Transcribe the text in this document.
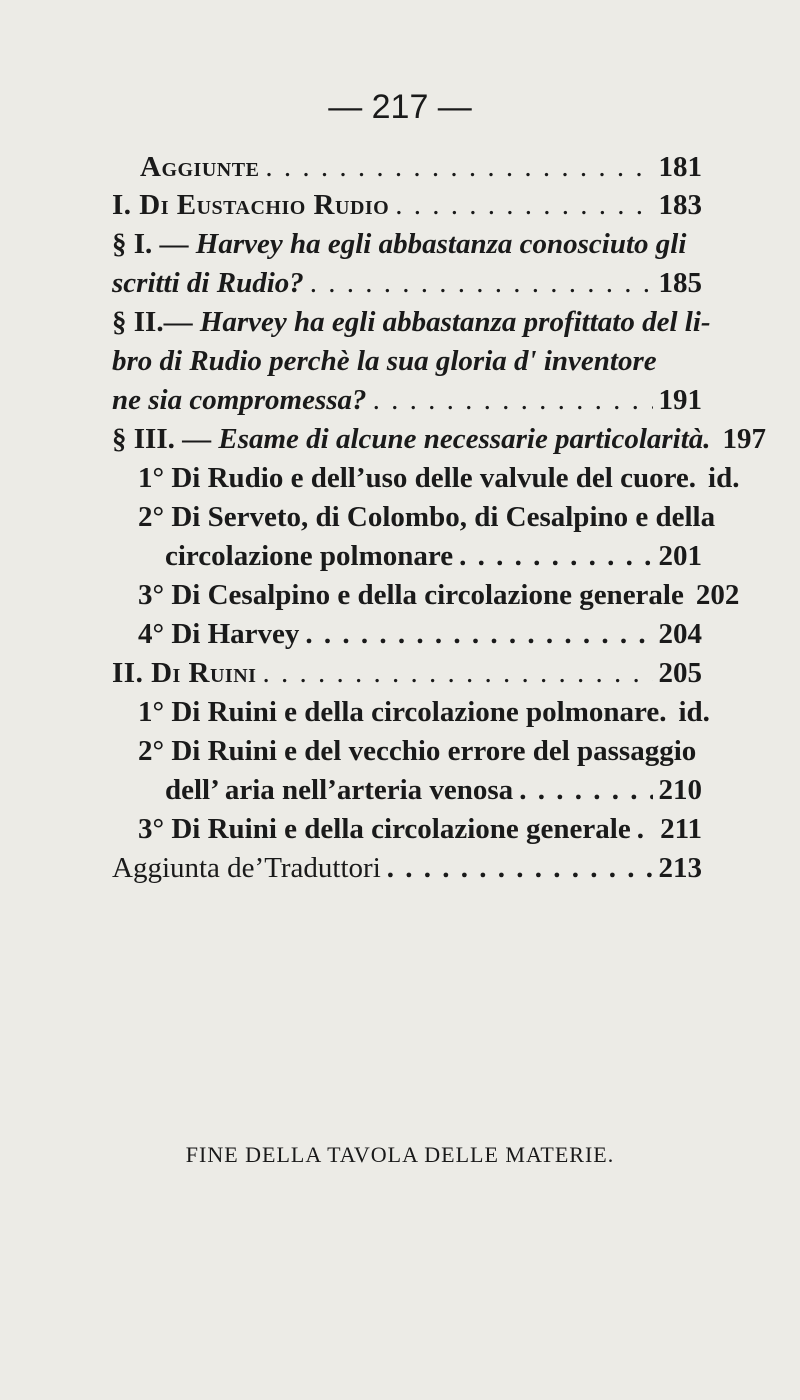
— 217 —
Aggiunte . . .	181
I. Di Eustachio Rudio . . .	183
§ I. — Harvey ha egli abbastanza conosciuto gli
scritti di Rudio? . . .	185
§ II.— Harvey ha egli abbastanza profittato del li-
bro di Rudio perchè la sua gloria d' inventore
ne sia compromessa? . . .	191
§ III. — Esame di alcune necessarie particolarità. 197
1° Di Rudio e dell’uso delle valvule del cuore. id.
2° Di Serveto, di Colombo, di Cesalpino e della
circolazione polmonare . . .	201
3° Di Cesalpino e della circolazione generale . . . 202
4° Di Harvey . . .	204
II. Di Ruini . . .	205
1° Di Ruini e della circolazione polmonare. id.
2° Di Ruini e del vecchio errore del passaggio
dell’ aria nell’arteria venosa . . .	210
3° Di Ruini e della circolazione generale . . . 211
Aggiunta de’Traduttori . . .	213
FINE DELLA TAVOLA DELLE MATERIE.
